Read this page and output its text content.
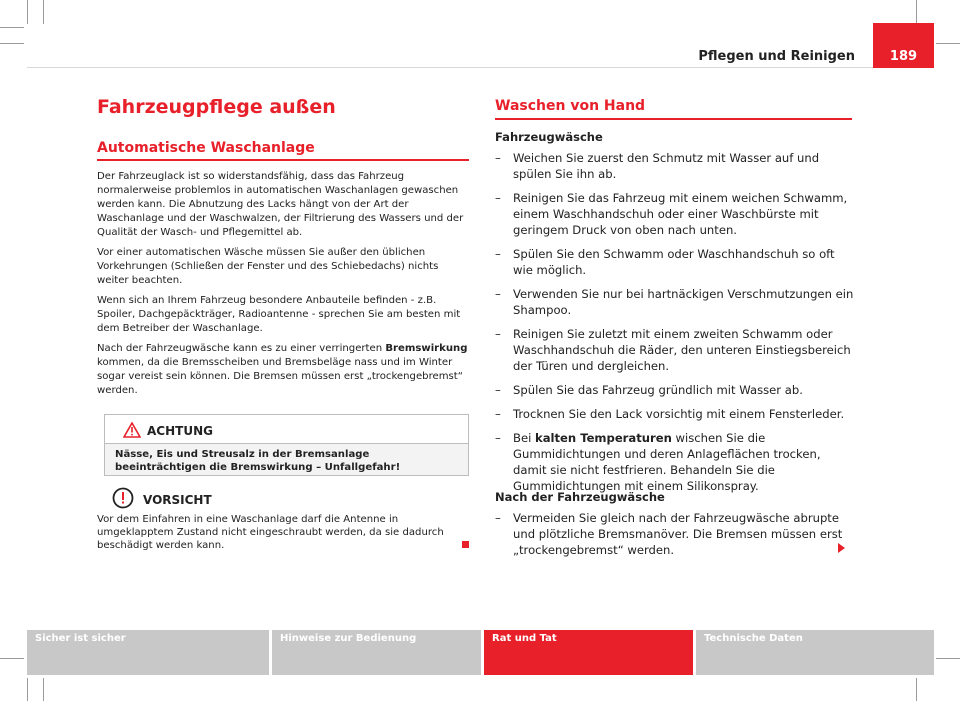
Pflegen und Reinigen	189
Fahrzeugpflege außen
Automatische Waschanlage

Der Fahrzeuglack ist so widerstandsfähig, dass das Fahrzeug normalerweise problemlos in automatischen Waschanlagen gewaschen werden kann. Die Abnutzung des Lacks hängt von der Art der Waschanlage und der Waschwalzen, der Filtrierung des Wassers und der Qualität der Wasch- und Pflegemittel ab.

Vor einer automatischen Wäsche müssen Sie außer den üblichen Vorkehrungen (Schließen der Fenster und des Schiebedachs) nichts weiter beachten.

Wenn sich an Ihrem Fahrzeug besondere Anbauteile befinden - z.B. Spoiler, Dachgepäckträger, Radioantenne - sprechen Sie am besten mit dem Betreiber der Waschanlage.

Nach der Fahrzeugwäsche kann es zu einer verringerten Bremswirkung kommen, da die Bremsscheiben und Bremsbeläge nass und im Winter sogar vereist sein können. Die Bremsen müssen erst „trockengebremst“ werden.

ACHTUNG
Nässe, Eis und Streusalz in der Bremsanlage beeinträchtigen die Bremswirkung – Unfallgefahr!
VORSICHT
Vor dem Einfahren in eine Waschanlage darf die Antenne in umgeklapptem Zustand nicht eingeschraubt werden, da sie dadurch beschädigt werden kann.
Waschen von Hand
Fahrzeugwäsche
– Weichen Sie zuerst den Schmutz mit Wasser auf und spülen Sie ihn ab.
– Reinigen Sie das Fahrzeug mit einem weichen Schwamm, einem Waschhandschuh oder einer Waschbürste mit geringem Druck von oben nach unten.
– Spülen Sie den Schwamm oder Waschhandschuh so oft wie möglich.
– Verwenden Sie nur bei hartnäckigen Verschmutzungen ein Shampoo.
– Reinigen Sie zuletzt mit einem zweiten Schwamm oder Waschhandschuh die Räder, den unteren Einstiegsbereich der Türen und dergleichen.
– Spülen Sie das Fahrzeug gründlich mit Wasser ab.
– Trocknen Sie den Lack vorsichtig mit einem Fensterleder.
– Bei kalten Temperaturen wischen Sie die Gummidichtungen und deren Anlageflächen trocken, damit sie nicht festfrieren. Behandeln Sie die Gummidichtungen mit einem Silikonspray.
Nach der Fahrzeugwäsche
– Vermeiden Sie gleich nach der Fahrzeugwäsche abrupte und plötzliche Bremsmanöver. Die Bremsen müssen erst „trockengebremst“ werden.
Sicher ist sicher	Hinweise zur Bedienung	Rat und Tat	Technische Daten
